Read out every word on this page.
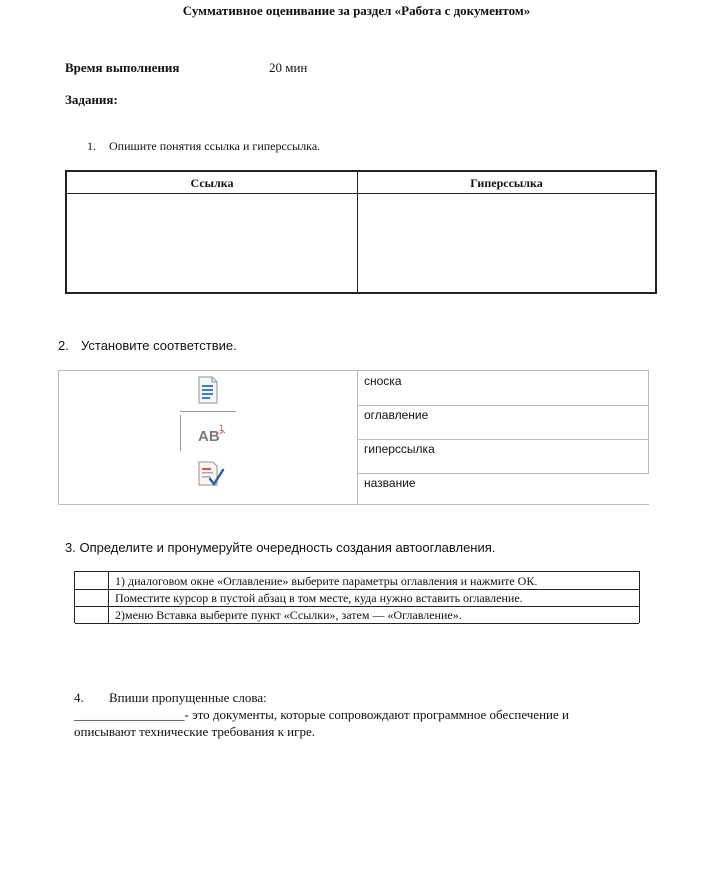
Суммативное оценивание за раздел «Работа с документом»
Время выполнения	20 мин
Задания:
1. Опишите понятия ссылка и гиперссылка.
Ссылка	Гиперссылка
2. Установите соответствие.
AB 1
сноска
оглавление
гиперссылка
название
3. Определите и пронумеруйте очередность создания автооглавления.
1) диалоговом окне «Оглавление» выберите параметры оглавления и нажмите ОК.
Поместите курсор в пустой абзац в том месте, куда нужно вставить оглавление.
2)меню Вставка выберите пункт «Ссылки», затем — «Оглавление».
4. Впиши пропущенные слова:
_________________- это документы, которые сопровождают программное обеспечение и
описывают технические требования к игре.
